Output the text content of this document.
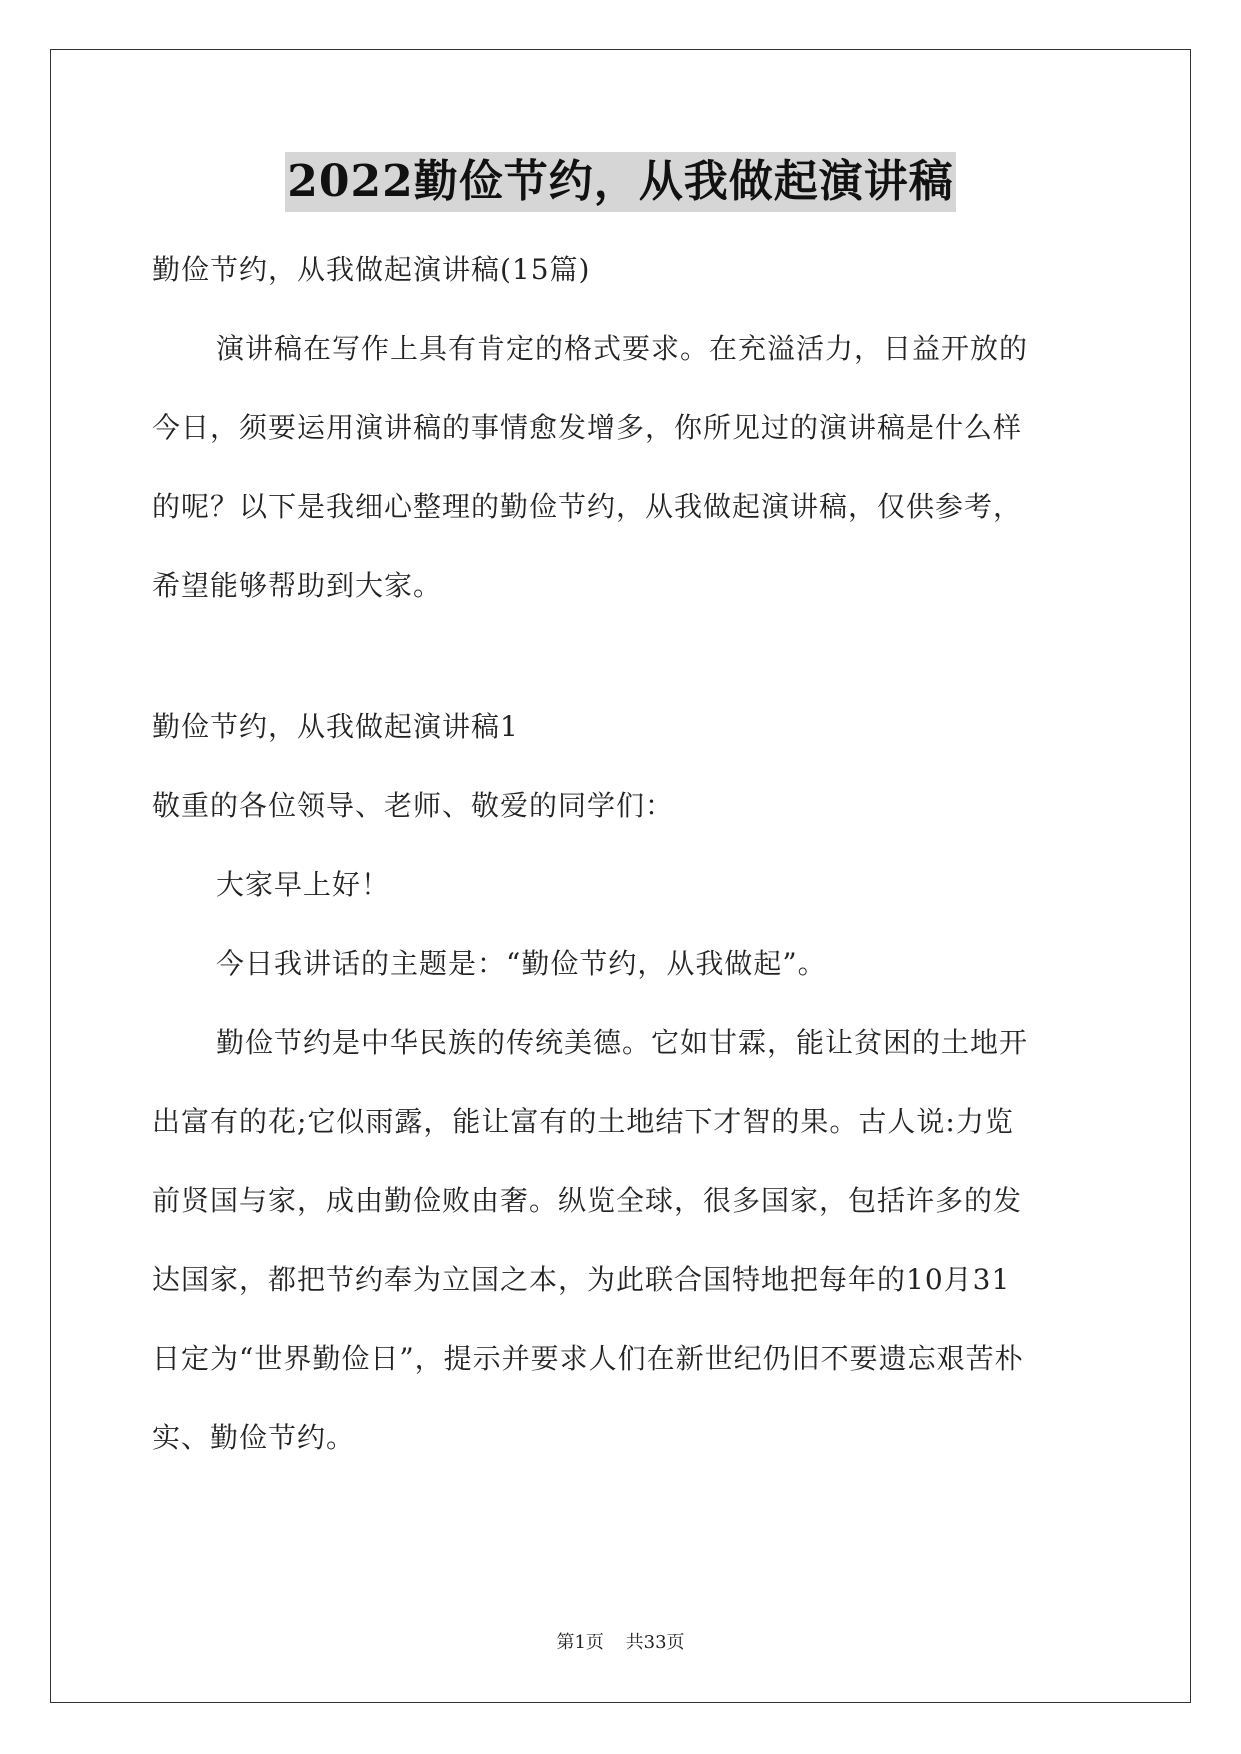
2022勤俭节约，从我做起演讲稿
勤俭节约，从我做起演讲稿(15篇)
演讲稿在写作上具有肯定的格式要求。在充溢活力，日益开放的
今日，须要运用演讲稿的事情愈发增多，你所见过的演讲稿是什么样
的呢？以下是我细心整理的勤俭节约，从我做起演讲稿，仅供参考，
希望能够帮助到大家。
勤俭节约，从我做起演讲稿1
敬重的各位领导、老师、敬爱的同学们：
大家早上好！
今日我讲话的主题是：“勤俭节约，从我做起”。
勤俭节约是中华民族的传统美德。它如甘霖，能让贫困的土地开
出富有的花;它似雨露，能让富有的土地结下才智的果。古人说:力览
前贤国与家，成由勤俭败由奢。纵览全球，很多国家，包括许多的发
达国家，都把节约奉为立国之本，为此联合国特地把每年的10月31
日定为“世界勤俭日”，提示并要求人们在新世纪仍旧不要遗忘艰苦朴
实、勤俭节约。
第1页 共33页
